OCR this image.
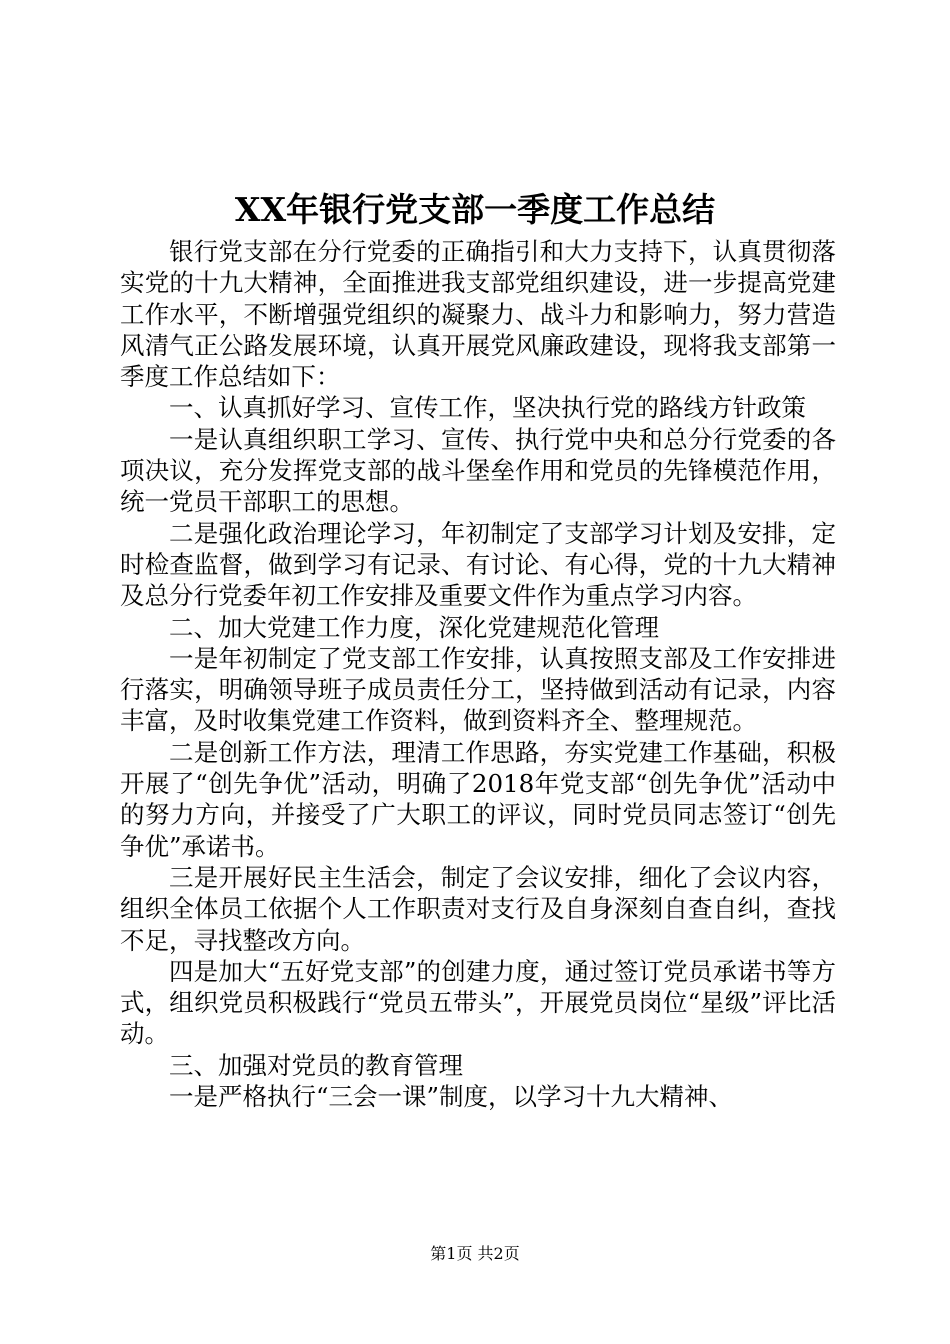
XX年银行党支部一季度工作总结

银行党支部在分行党委的正确指引和大力支持下，认真贯彻落实党的十九大精神，全面推进我支部党组织建设，进一步提高党建工作水平，不断增强党组织的凝聚力、战斗力和影响力，努力营造风清气正公路发展环境，认真开展党风廉政建设，现将我支部第一季度工作总结如下：

一、认真抓好学习、宣传工作，坚决执行党的路线方针政策

一是认真组织职工学习、宣传、执行党中央和总分行党委的各项决议，充分发挥党支部的战斗堡垒作用和党员的先锋模范作用，统一党员干部职工的思想。

二是强化政治理论学习，年初制定了支部学习计划及安排，定时检查监督，做到学习有记录、有讨论、有心得，党的十九大精神及总分行党委年初工作安排及重要文件作为重点学习内容。

二、加大党建工作力度，深化党建规范化管理

一是年初制定了党支部工作安排，认真按照支部及工作安排进行落实，明确领导班子成员责任分工，坚持做到活动有记录，内容丰富，及时收集党建工作资料，做到资料齐全、整理规范。

二是创新工作方法，理清工作思路，夯实党建工作基础，积极开展了“创先争优”活动，明确了2018年党支部“创先争优”活动中的努力方向，并接受了广大职工的评议，同时党员同志签订“创先争优”承诺书。

三是开展好民主生活会，制定了会议安排，细化了会议内容，组织全体员工依据个人工作职责对支行及自身深刻自查自纠，查找不足，寻找整改方向。

四是加大“五好党支部”的创建力度，通过签订党员承诺书等方式，组织党员积极践行“党员五带头”，开展党员岗位“星级”评比活动。

三、加强对党员的教育管理

一是严格执行“三会一课”制度，以学习十九大精神、

第1页 共2页
